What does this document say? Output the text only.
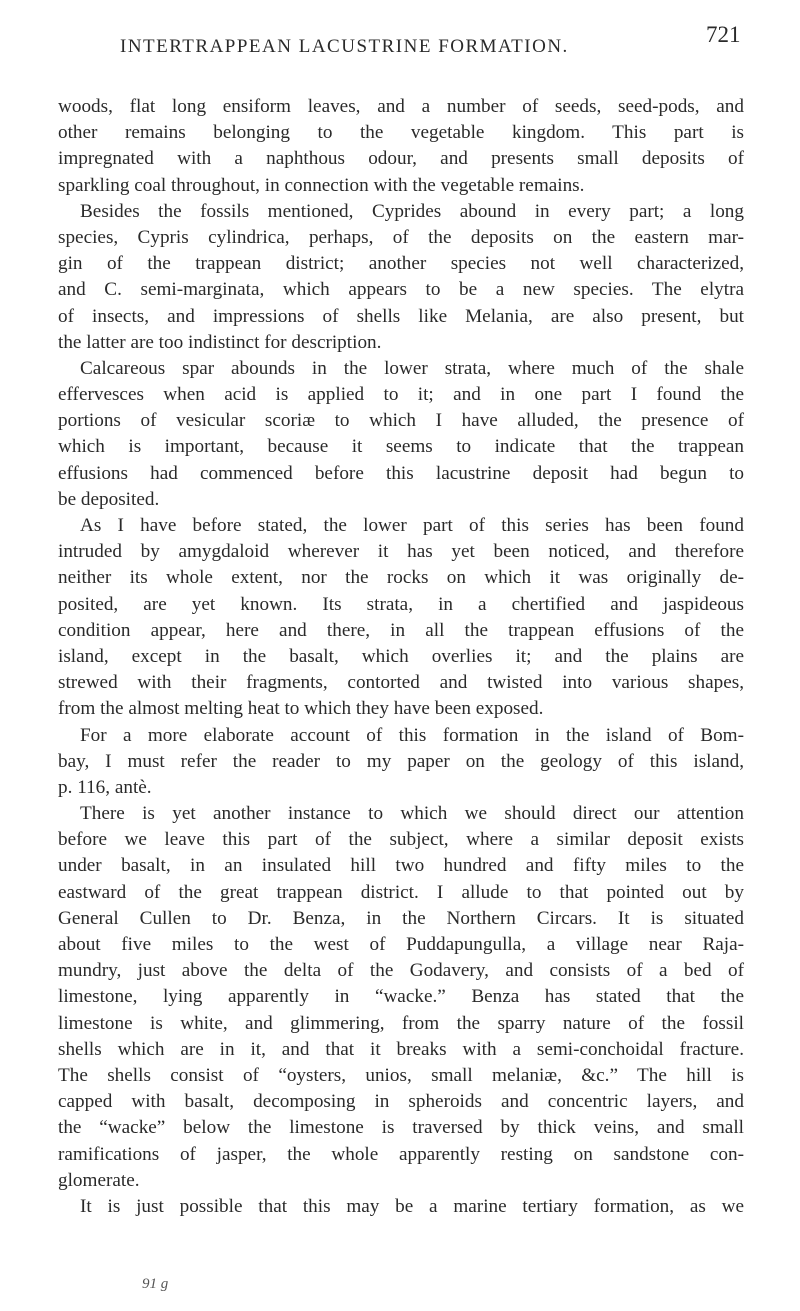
INTERTRAPPEAN LACUSTRINE FORMATION.	721
woods, flat long ensiform leaves, and a number of seeds, seed-pods, and
other remains belonging to the vegetable kingdom. This part is
impregnated with a naphthous odour, and presents small deposits of
sparkling coal throughout, in connection with the vegetable remains.
Besides the fossils mentioned, Cyprides abound in every part; a long
species, Cypris cylindrica, perhaps, of the deposits on the eastern mar-
gin of the trappean district; another species not well characterized,
and C. semi-marginata, which appears to be a new species. The elytra
of insects, and impressions of shells like Melania, are also present, but
the latter are too indistinct for description.
Calcareous spar abounds in the lower strata, where much of the shale
effervesces when acid is applied to it; and in one part I found the
portions of vesicular scoriæ to which I have alluded, the presence of
which is important, because it seems to indicate that the trappean
effusions had commenced before this lacustrine deposit had begun to
be deposited.
As I have before stated, the lower part of this series has been found
intruded by amygdaloid wherever it has yet been noticed, and therefore
neither its whole extent, nor the rocks on which it was originally de-
posited, are yet known. Its strata, in a chertified and jaspideous
condition appear, here and there, in all the trappean effusions of the
island, except in the basalt, which overlies it; and the plains are
strewed with their fragments, contorted and twisted into various shapes,
from the almost melting heat to which they have been exposed.
For a more elaborate account of this formation in the island of Bom-
bay, I must refer the reader to my paper on the geology of this island,
p. 116, antè.
There is yet another instance to which we should direct our attention
before we leave this part of the subject, where a similar deposit exists
under basalt, in an insulated hill two hundred and fifty miles to the
eastward of the great trappean district. I allude to that pointed out by
General Cullen to Dr. Benza, in the Northern Circars. It is situated
about five miles to the west of Puddapungulla, a village near Raja-
mundry, just above the delta of the Godavery, and consists of a bed of
limestone, lying apparently in “wacke.” Benza has stated that the
limestone is white, and glimmering, from the sparry nature of the fossil
shells which are in it, and that it breaks with a semi-conchoidal fracture.
The shells consist of “oysters, unios, small melaniæ, &c.” The hill is
capped with basalt, decomposing in spheroids and concentric layers, and
the “wacke” below the limestone is traversed by thick veins, and small
ramifications of jasper, the whole apparently resting on sandstone con-
glomerate.
It is just possible that this may be a marine tertiary formation, as we
91 g
